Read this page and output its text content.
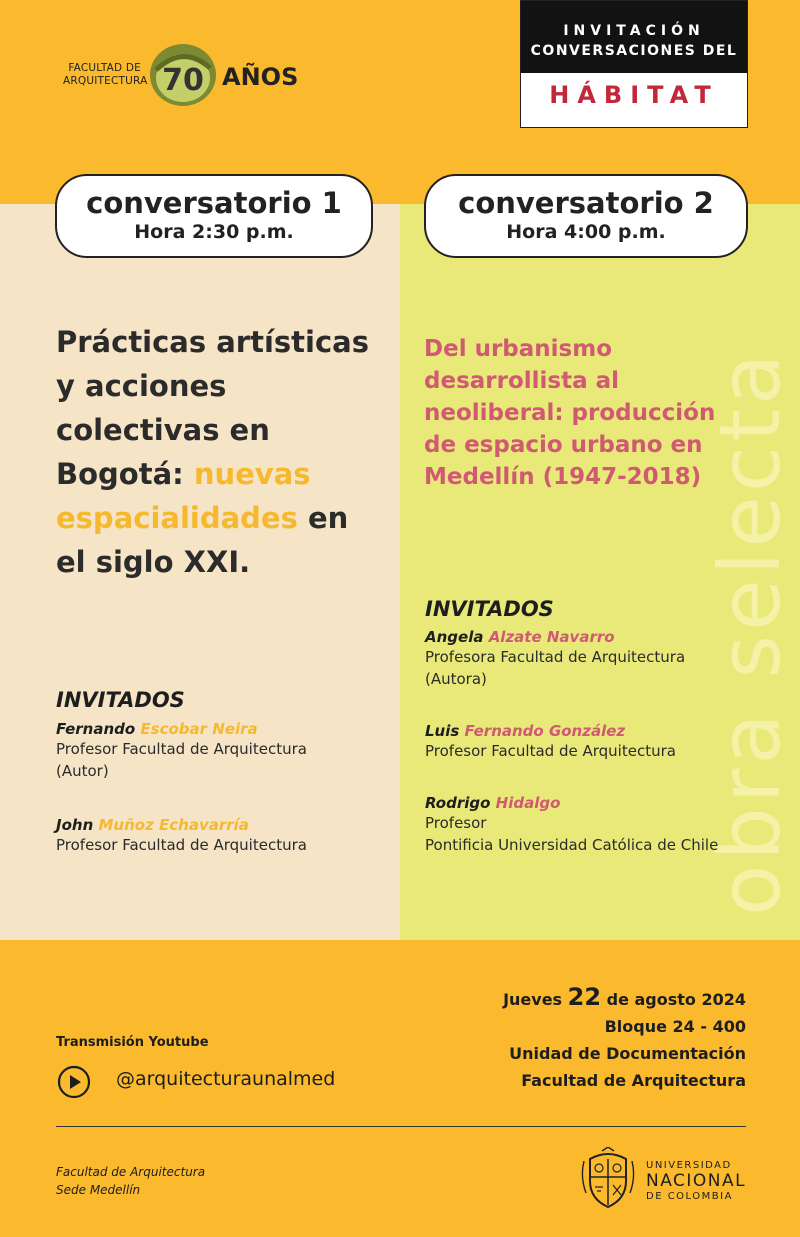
FACULTAD DE
ARQUITECTURA 70 AÑOS
INVITACIÓN
CONVERSACIONES DEL
HÁBITAT
obra selecta
conversatorio 1
Hora 2:30 p.m.
conversatorio 2
Hora 4:00 p.m.
Prácticas artísticas y acciones colectivas en Bogotá: nuevas espacialidades en el siglo XXI.
Del urbanismo desarrollista al neoliberal: producción de espacio urbano en Medellín (1947-2018)
INVITADOS
Fernando Escobar Neira
Profesor Facultad de Arquitectura
(Autor)
John Muñoz Echavarría
Profesor Facultad de Arquitectura
INVITADOS
Angela Alzate Navarro
Profesora Facultad de Arquitectura
(Autora)
Luis Fernando González
Profesor Facultad de Arquitectura
Rodrigo Hidalgo
Profesor
Pontificia Universidad Católica de Chile
Transmisión Youtube
@arquitecturaunalmed
Jueves 22 de agosto 2024
Bloque 24 - 400
Unidad de Documentación
Facultad de Arquitectura
Facultad de Arquitectura
Sede Medellín
UNIVERSIDAD
NACIONAL
DE COLOMBIA
